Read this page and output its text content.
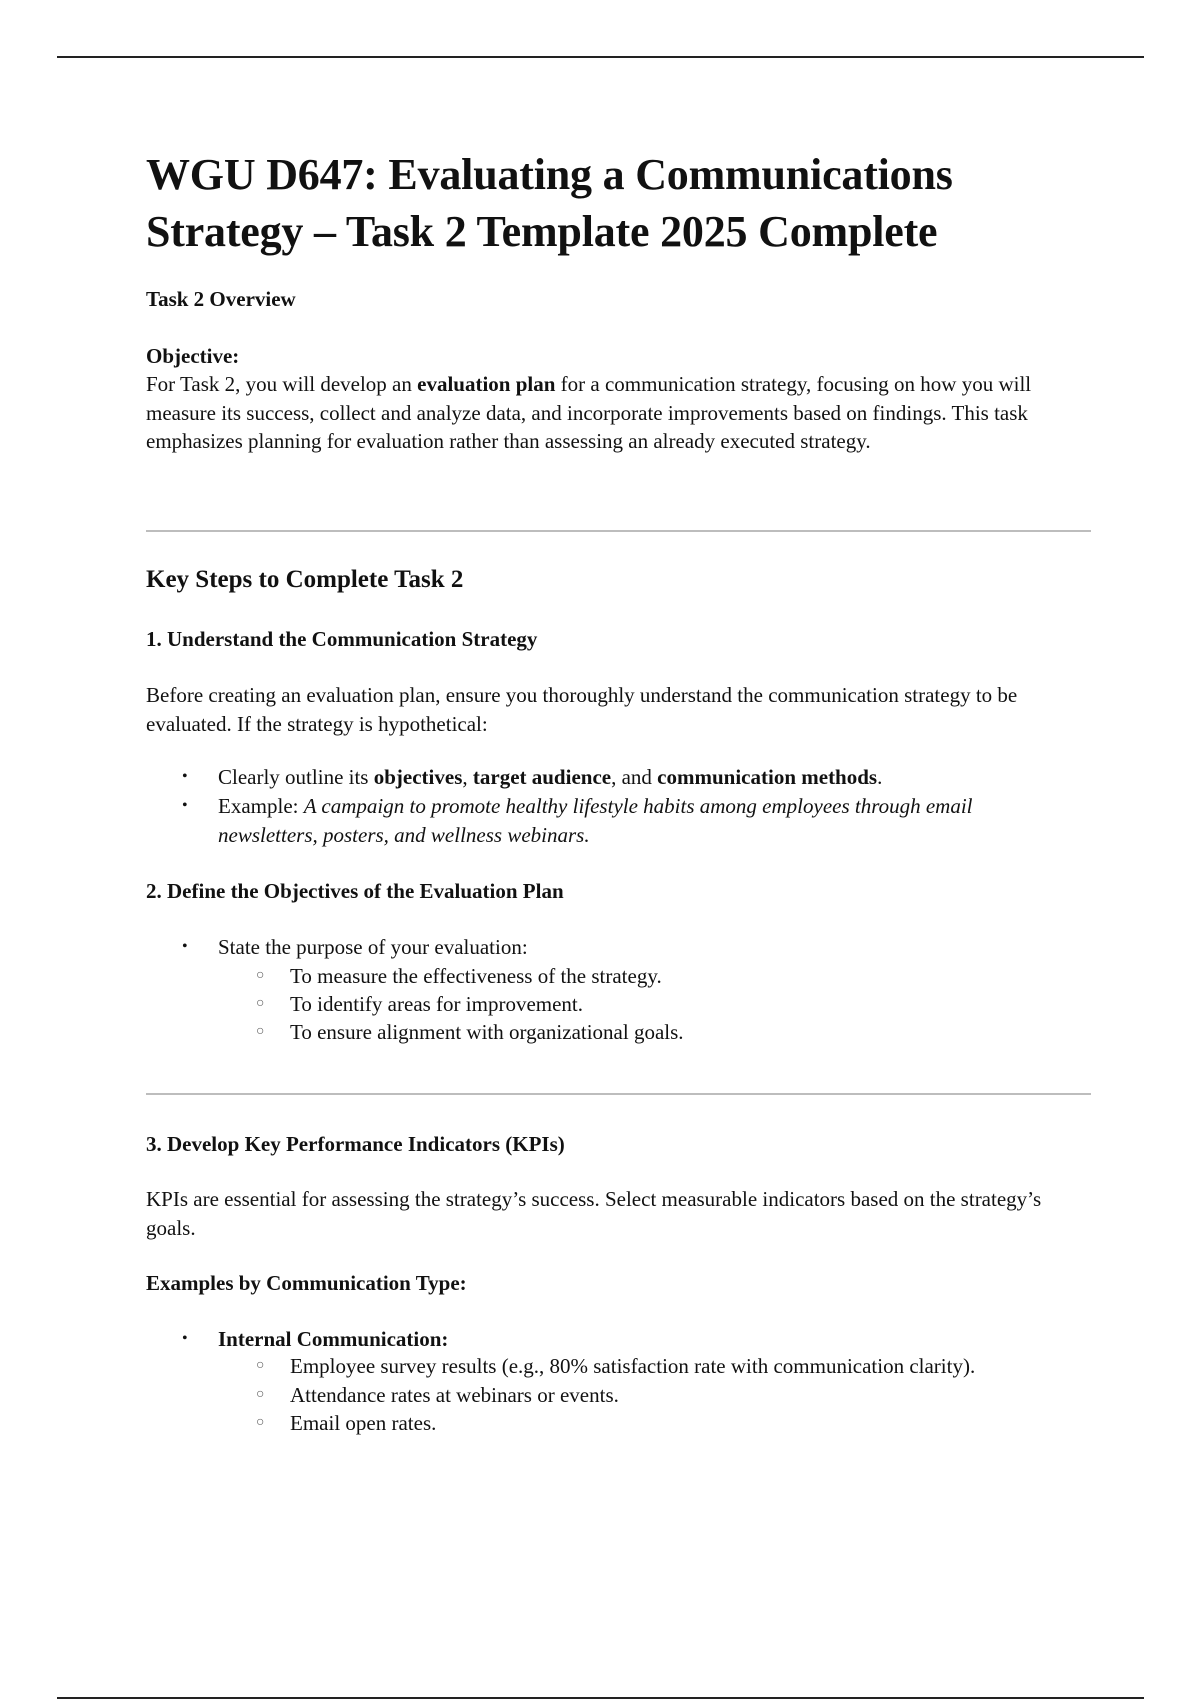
WGU D647: Evaluating a Communications
Strategy – Task 2 Template 2025 Complete

Task 2 Overview

Objective:

For Task 2, you will develop an evaluation plan for a communication strategy, focusing on how you will measure its success, collect and analyze data, and incorporate improvements based on findings. This task emphasizes planning for evaluation rather than assessing an already executed strategy.

Key Steps to Complete Task 2

1. Understand the Communication Strategy

Before creating an evaluation plan, ensure you thoroughly understand the communication strategy to be evaluated. If the strategy is hypothetical:

• Clearly outline its objectives, target audience, and communication methods.
• Example: A campaign to promote healthy lifestyle habits among employees through email newsletters, posters, and wellness webinars.

2. Define the Objectives of the Evaluation Plan

• State the purpose of your evaluation:
○ To measure the effectiveness of the strategy.
○ To identify areas for improvement.
○ To ensure alignment with organizational goals.

3. Develop Key Performance Indicators (KPIs)

KPIs are essential for assessing the strategy’s success. Select measurable indicators based on the strategy’s goals.

Examples by Communication Type:

• Internal Communication:
○ Employee survey results (e.g., 80% satisfaction rate with communication clarity).
○ Attendance rates at webinars or events.
○ Email open rates.
